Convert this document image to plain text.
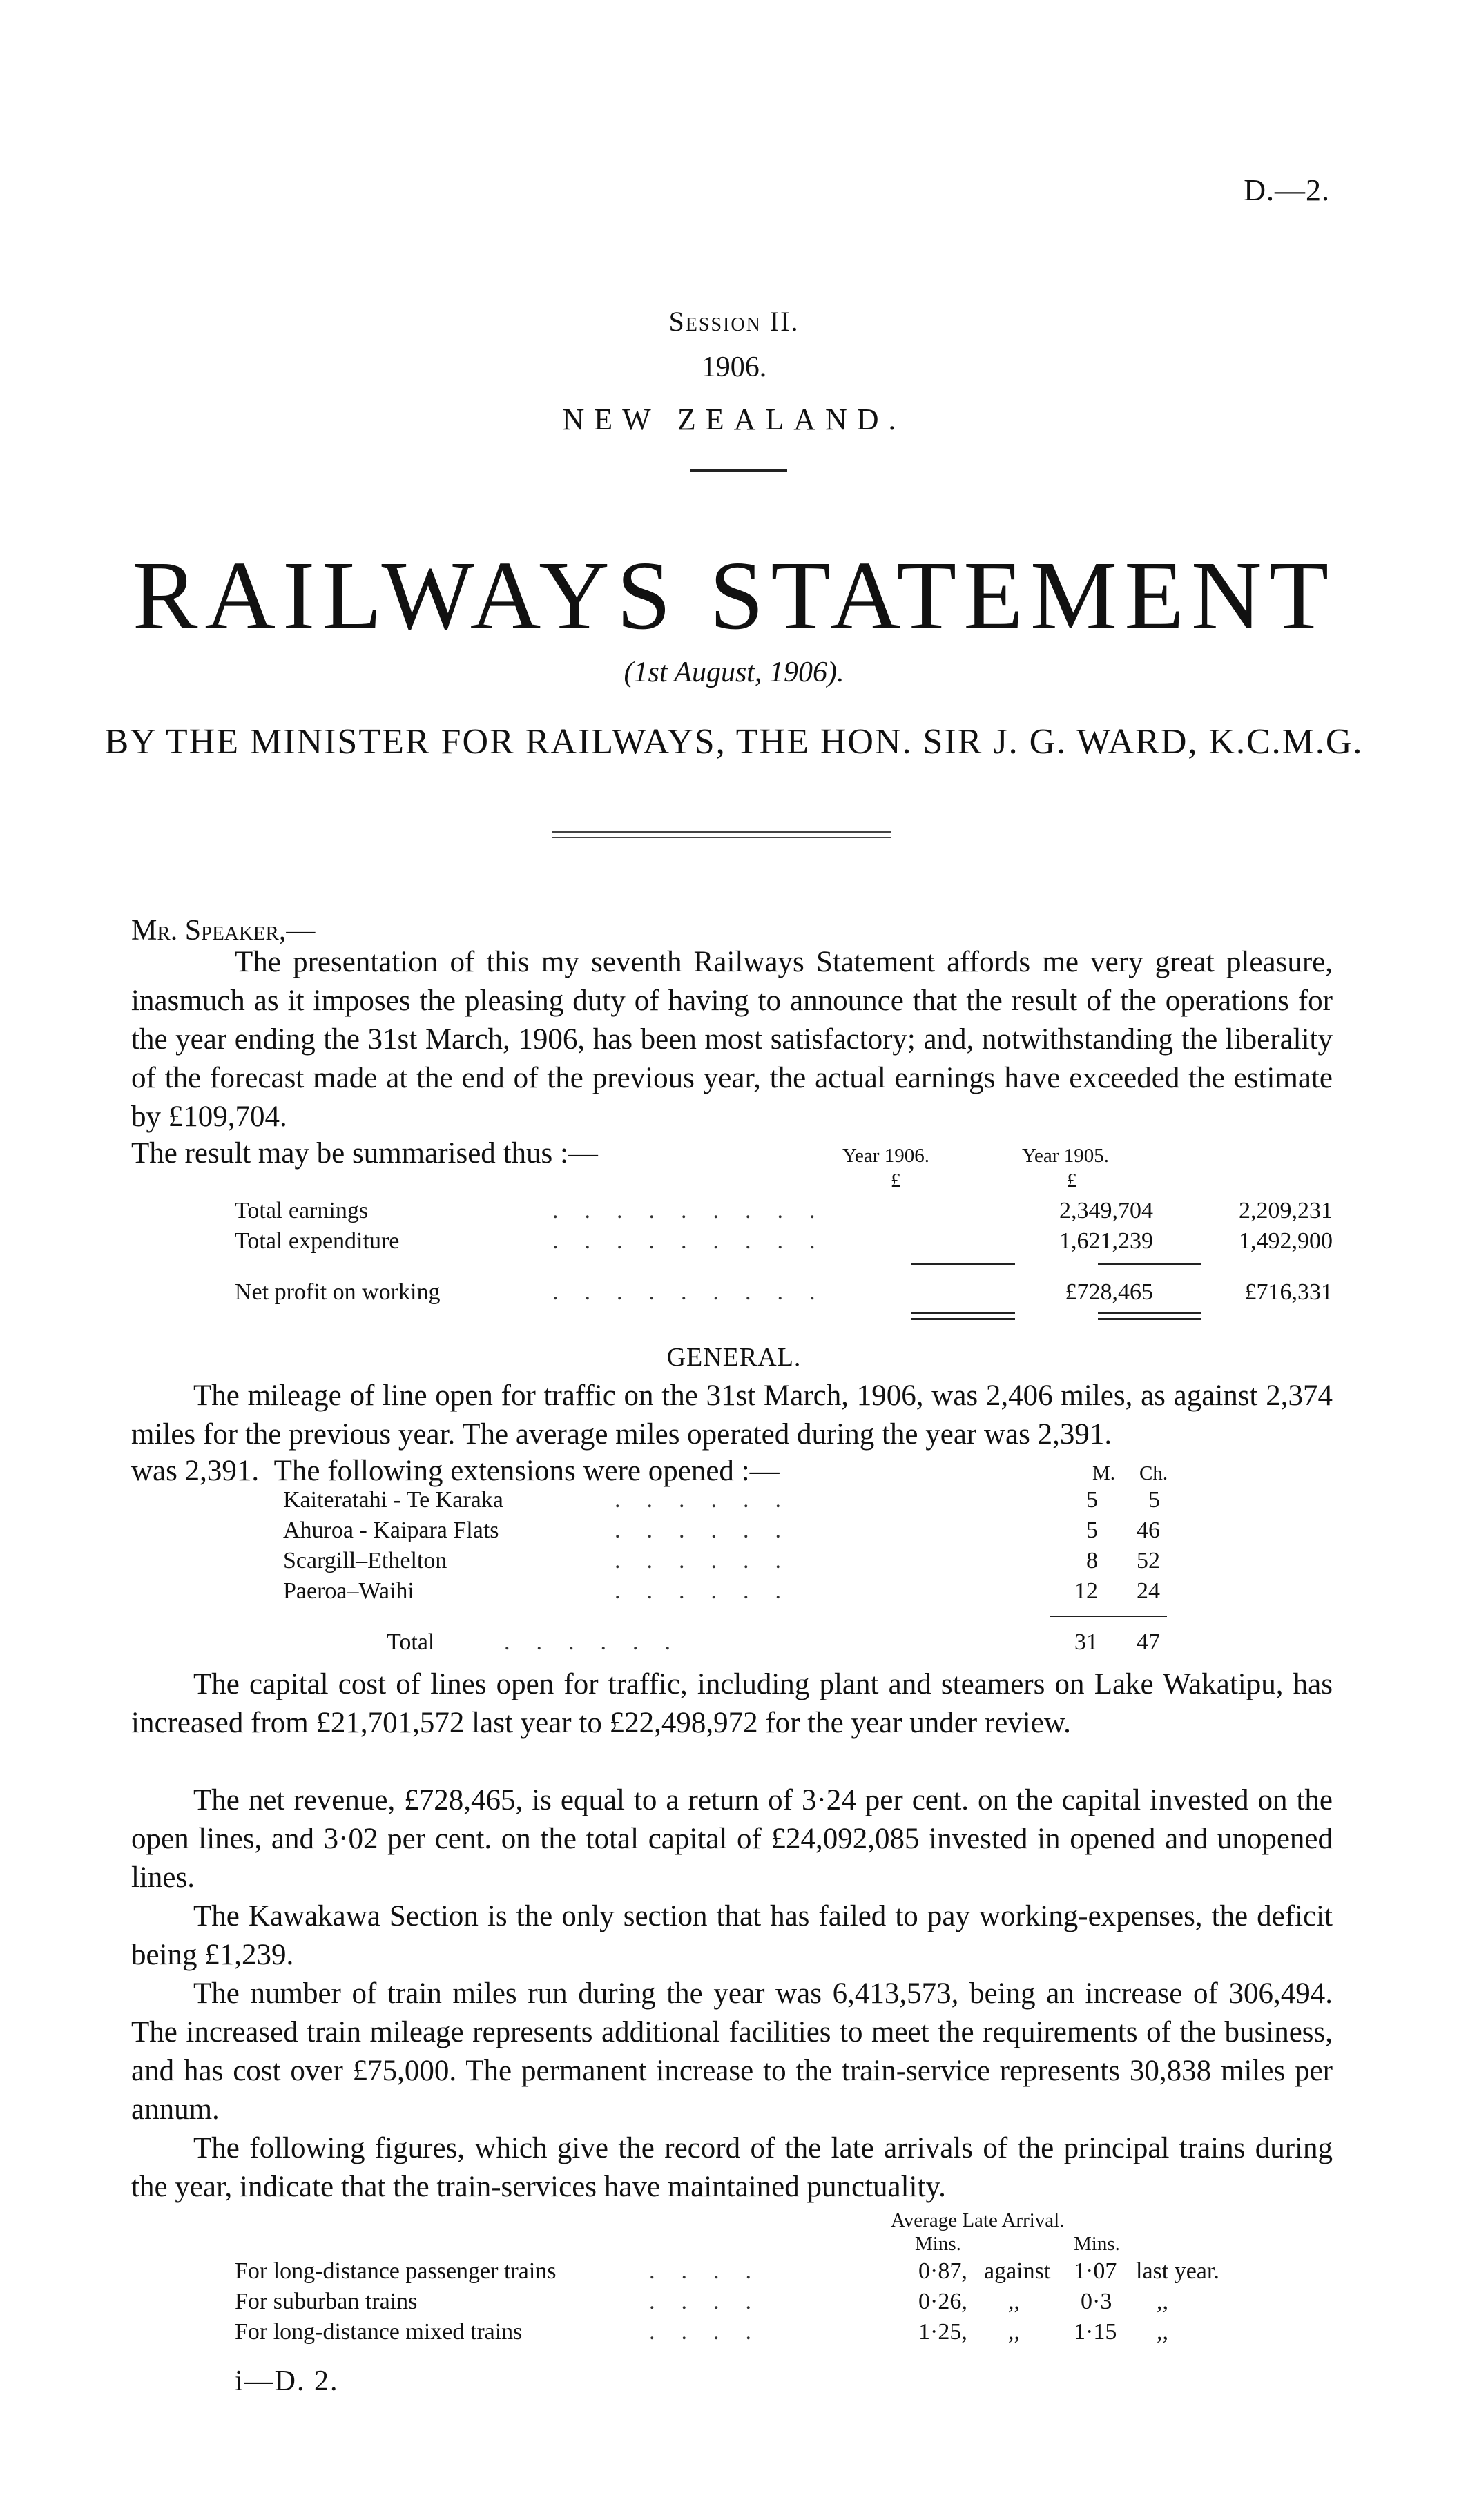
D.—2.
Session II.
1906.
NEW ZEALAND.
RAILWAYS STATEMENT
(1st August, 1906).
BY THE MINISTER FOR RAILWAYS, THE HON. SIR J. G. WARD, K.C.M.G.
Mr. Speaker,—
The presentation of this my seventh Railways Statement affords me very great pleasure, inasmuch as it imposes the pleasing duty of having to announce that the result of the operations for the year ending the 31st March, 1906, has been most satisfactory; and, notwithstanding the liberality of the forecast made at the end of the previous year, the actual earnings have exceeded the estimate by £109,704.
The result may be summarised thus :—	Year 1906.	Year 1905.
£	£
Total earnings	.........	2,349,704	2,209,231
Total expenditure	.........	1,621,239	1,492,900
Net profit on working	.........	£728,465	£716,331
GENERAL.
The mileage of line open for traffic on the 31st March, 1906, was 2,406 miles, as against 2,374 miles for the previous year. The average miles operated during the year was 2,391.
was 2,391.  The following extensions were opened :—	M. Ch.
Kaiteratahi - Te Karaka	......	5	5
Ahuroa - Kaipara Flats	......	5	46
Scargill–Ethelton	......	8	52
Paeroa–Waihi	......	12	24
Total	......	31	47
The capital cost of lines open for traffic, including plant and steamers on Lake Wakatipu, has increased from £21,701,572 last year to £22,498,972 for the year under review.
The net revenue, £728,465, is equal to a return of 3·24 per cent. on the capital invested on the open lines, and 3·02 per cent. on the total capital of £24,092,085 invested in opened and unopened lines.
The Kawakawa Section is the only section that has failed to pay working-expenses, the deficit being £1,239.
The number of train miles run during the year was 6,413,573, being an increase of 306,494. The increased train mileage represents additional facilities to meet the requirements of the business, and has cost over £75,000. The permanent increase to the train-service represents 30,838 miles per annum.
The following figures, which give the record of the late arrivals of the principal trains during the year, indicate that the train-services have maintained punctuality.
Average Late Arrival.
Mins.	Mins.
For long-distance passenger trains	....	0·87, against 1·07 last year.
For suburban trains	....	0·26, ,,	0·3 ,,
For long-distance mixed trains	....	1·25, ,, 1·15 ,,
i—D. 2.
